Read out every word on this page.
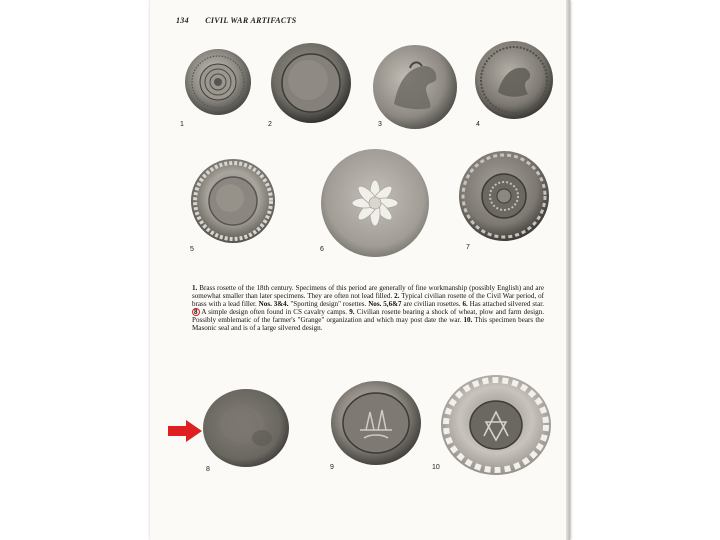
134 CIVIL WAR ARTIFACTS
1	2	3	4
5	6	7
1. Brass rosette of the 18th century. Specimens of this period are generally of fine workmanship (possibly English) and are somewhat smaller than later specimens. They are often not lead filled. 2. Typical civilian rosette of the Civil War period, of brass with a lead filler. Nos. 3&4. "Sporting design" rosettes. Nos. 5,6&7 are civilian rosettes. 6. Has attached silvered star. 8 A simple design often found in CS cavalry camps. 9. Civilian rosette bearing a shock of wheat, plow and farm design. Possibly emblematic of the farmer's "Grange" organization and which may post date the war. 10. This specimen bears the Masonic seal and is of a large silvered design.
8	9	10
